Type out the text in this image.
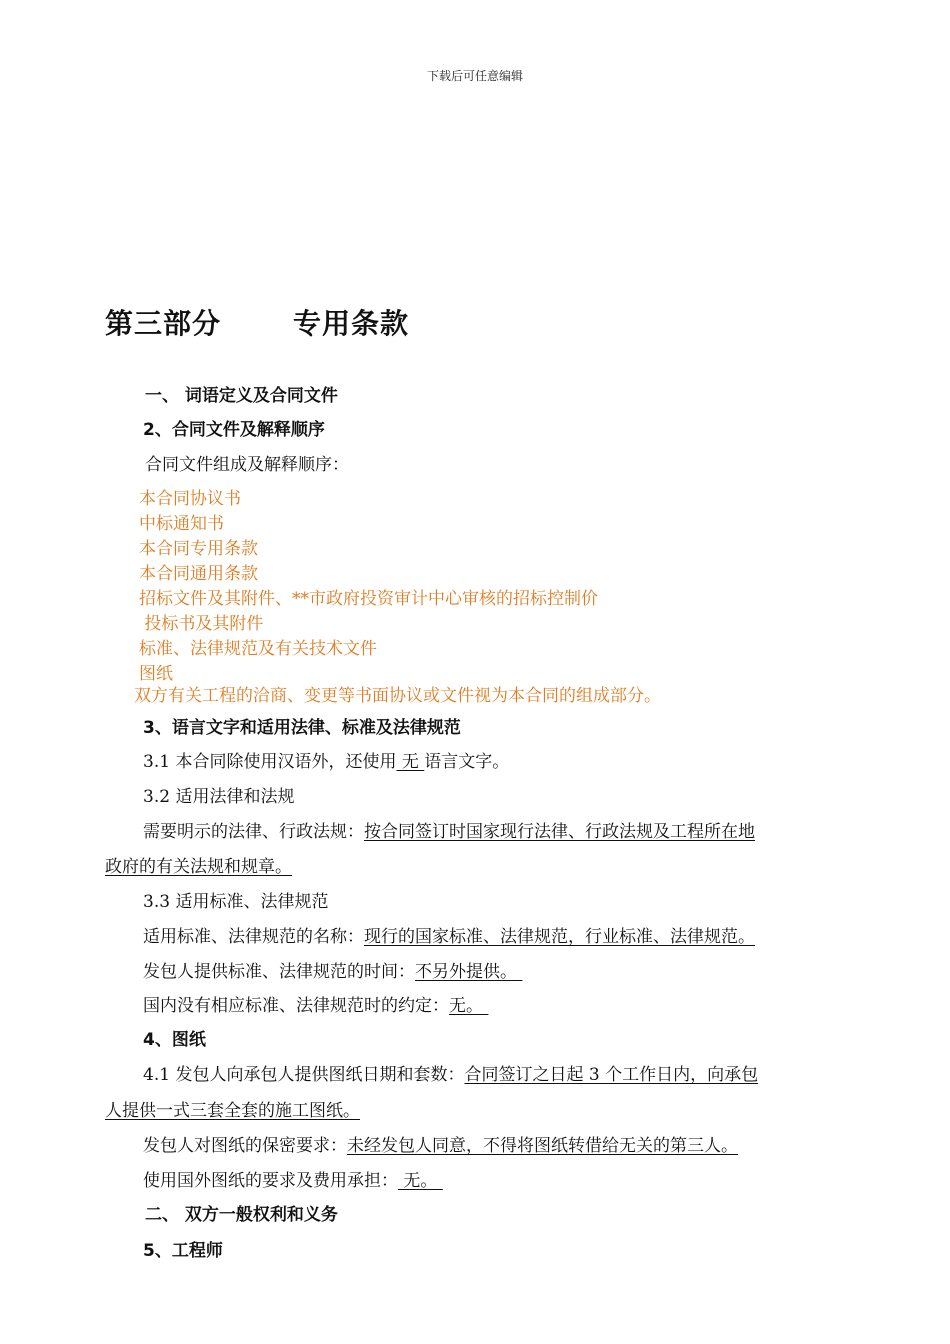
下载后可任意编辑
第三部分	专用条款
一、 词语定义及合同文件
2、合同文件及解释顺序
合同文件组成及解释顺序：
本合同协议书
中标通知书
本合同专用条款
本合同通用条款
招标文件及其附件、**市政府投资审计中心审核的招标控制价
投标书及其附件
标准、法律规范及有关技术文件
图纸
双方有关工程的洽商、变更等书面协议或文件视为本合同的组成部分。
3、语言文字和适用法律、标准及法律规范
3.1 本合同除使用汉语外，还使用 无 语言文字。
3.2 适用法律和法规
需要明示的法律、行政法规：按合同签订时国家现行法律、行政法规及工程所在地
政府的有关法规和规章。
3.3 适用标准、法律规范
适用标准、法律规范的名称：现行的国家标准、法律规范，行业标准、法律规范。
发包人提供标准、法律规范的时间：不另外提供。
国内没有相应标准、法律规范时的约定：无。
4、图纸
4.1 发包人向承包人提供图纸日期和套数：合同签订之日起 3 个工作日内，向承包
人提供一式三套全套的施工图纸。
发包人对图纸的保密要求：未经发包人同意，不得将图纸转借给无关的第三人。
使用国外图纸的要求及费用承担： 无。
二、 双方一般权利和义务
5、工程师
